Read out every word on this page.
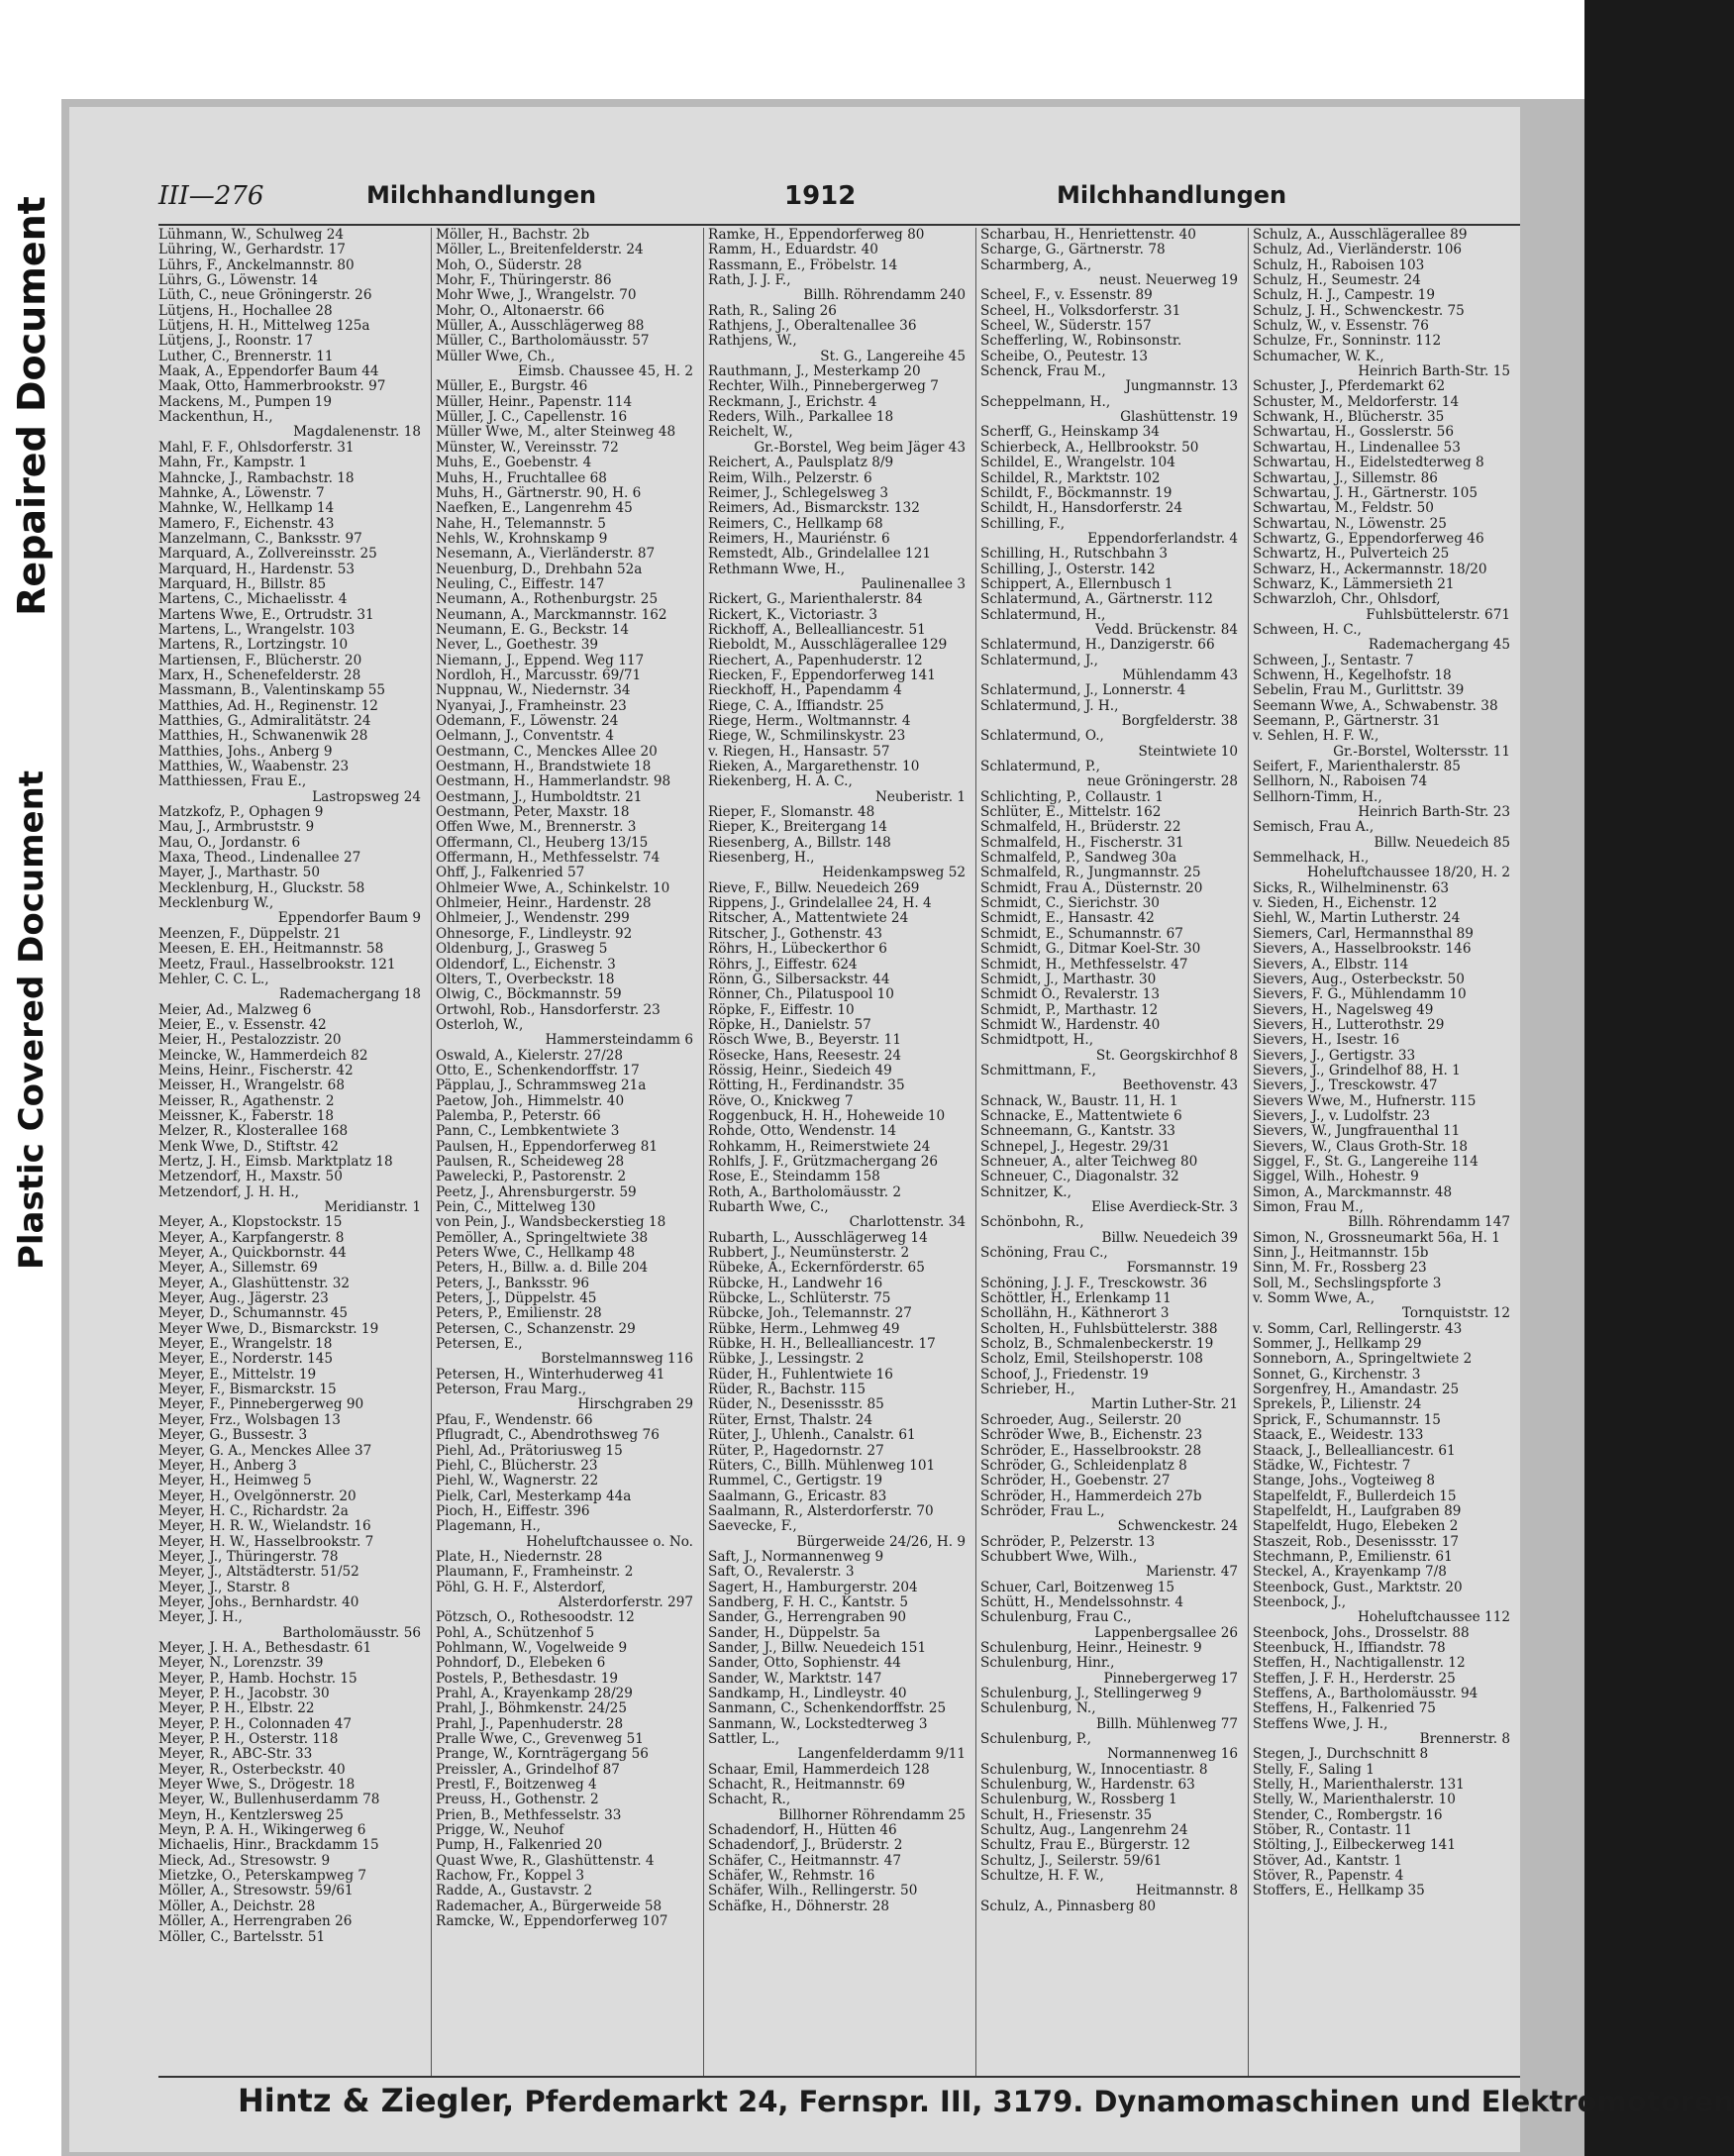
Repaired Document
Plastic Covered Document
III—276	Milchhandlungen	1912	Milchhandlungen
Lühmann, W., Schulweg 24
Lühring, W., Gerhardstr. 17
Lührs, F., Anckelmannstr. 80
Lührs, G., Löwenstr. 14
Lüth, C., neue Gröningerstr. 26
Lütjens, H., Hochallee 28
Lütjens, H. H., Mittelweg 125a
Lütjens, J., Roonstr. 17
Luther, C., Brennerstr. 11
Maak, A., Eppendorfer Baum 44
Maak, Otto, Hammerbrookstr. 97
Mackens, M., Pumpen 19
Mackenthun, H.,
Magdalenenstr. 18
Mahl, F. F., Ohlsdorferstr. 31
Mahn, Fr., Kampstr. 1
Mahncke, J., Rambachstr. 18
Mahnke, A., Löwenstr. 7
Mahnke, W., Hellkamp 14
Mamero, F., Eichenstr. 43
Manzelmann, C., Banksstr. 97
Marquard, A., Zollvereinsstr. 25
Marquard, H., Hardenstr. 53
Marquard, H., Billstr. 85
Martens, C., Michaelisstr. 4
Martens Wwe, E., Ortrudstr. 31
Martens, L., Wrangelstr. 103
Martens, R., Lortzingstr. 10
Martiensen, F., Blücherstr. 20
Marx, H., Schenefelderstr. 28
Massmann, B., Valentinskamp 55
Matthies, Ad. H., Reginenstr. 12
Matthies, G., Admiralitätstr. 24
Matthies, H., Schwanenwik 28
Matthies, Johs., Anberg 9
Matthies, W., Waabenstr. 23
Matthiessen, Frau E.,
Lastropsweg 24
Matzkofz, P., Ophagen 9
Mau, J., Armbruststr. 9
Mau, O., Jordanstr. 6
Maxa, Theod., Lindenallee 27
Mayer, J., Marthastr. 50
Mecklenburg, H., Gluckstr. 58
Mecklenburg W.,
Eppendorfer Baum 9
Meenzen, F., Düppelstr. 21
Meesen, E. EH., Heitmannstr. 58
Meetz, Fraul., Hasselbrookstr. 121
Mehler, C. C. L.,
Rademachergang 18
Meier, Ad., Malzweg 6
Meier, E., v. Essenstr. 42
Meier, H., Pestalozzistr. 20
Meincke, W., Hammerdeich 82
Meins, Heinr., Fischerstr. 42
Meisser, H., Wrangelstr. 68
Meisser, R., Agathenstr. 2
Meissner, K., Faberstr. 18
Melzer, R., Klosterallee 168
Menk Wwe, D., Stiftstr. 42
Mertz, J. H., Eimsb. Marktplatz 18
Metzendorf, H., Maxstr. 50
Metzendorf, J. H. H.,
Meridianstr. 1
Meyer, A., Klopstockstr. 15
Meyer, A., Karpfangerstr. 8
Meyer, A., Quickbornstr. 44
Meyer, A., Sillemstr. 69
Meyer, A., Glashüttenstr. 32
Meyer, Aug., Jägerstr. 23
Meyer, D., Schumannstr. 45
Meyer Wwe, D., Bismarckstr. 19
Meyer, E., Wrangelstr. 18
Meyer, E., Norderstr. 145
Meyer, E., Mittelstr. 19
Meyer, F., Bismarckstr. 15
Meyer, F., Pinnebergerweg 90
Meyer, Frz., Wolsbagen 13
Meyer, G., Bussestr. 3
Meyer, G. A., Menckes Allee 37
Meyer, H., Anberg 3
Meyer, H., Heimweg 5
Meyer, H., Ovelgönnerstr. 20
Meyer, H. C., Richardstr. 2a
Meyer, H. R. W., Wielandstr. 16
Meyer, H. W., Hasselbrookstr. 7
Meyer, J., Thüringerstr. 78
Meyer, J., Altstädterstr. 51/52
Meyer, J., Starstr. 8
Meyer, Johs., Bernhardstr. 40
Meyer, J. H.,
Bartholomäusstr. 56
Meyer, J. H. A., Bethesdastr. 61
Meyer, N., Lorenzstr. 39
Meyer, P., Hamb. Hochstr. 15
Meyer, P. H., Jacobstr. 30
Meyer, P. H., Elbstr. 22
Meyer, P. H., Colonnaden 47
Meyer, P. H., Osterstr. 118
Meyer, R., ABC-Str. 33
Meyer, R., Osterbeckstr. 40
Meyer Wwe, S., Drögestr. 18
Meyer, W., Bullenhuserdamm 78
Meyn, H., Kentzlersweg 25
Meyn, P. A. H., Wikingerweg 6
Michaelis, Hinr., Brackdamm 15
Mieck, Ad., Stresowstr. 9
Mietzke, O., Peterskampweg 7
Möller, A., Stresowstr. 59/61
Möller, A., Deichstr. 28
Möller, A., Herrengraben 26
Möller, C., Bartelsstr. 51
Möller, H., Bachstr. 2b
Möller, L., Breitenfelderstr. 24
Moh, O., Süderstr. 28
Mohr, F., Thüringerstr. 86
Mohr Wwe, J., Wrangelstr. 70
Mohr, O., Altonaerstr. 66
Müller, A., Ausschlägerweg 88
Müller, C., Bartholomäusstr. 57
Müller Wwe, Ch.,
Eimsb. Chaussee 45, H. 2
Müller, E., Burgstr. 46
Müller, Heinr., Papenstr. 114
Müller, J. C., Capellenstr. 16
Müller Wwe, M., alter Steinweg 48
Münster, W., Vereinsstr. 72
Muhs, E., Goebenstr. 4
Muhs, H., Fruchtallee 68
Muhs, H., Gärtnerstr. 90, H. 6
Naefken, E., Langenrehm 45
Nahe, H., Telemannstr. 5
Nehls, W., Krohnskamp 9
Nesemann, A., Vierländerstr. 87
Neuenburg, D., Drehbahn 52a
Neuling, C., Eiffestr. 147
Neumann, A., Rothenburgstr. 25
Neumann, A., Marckmannstr. 162
Neumann, E. G., Beckstr. 14
Never, L., Goethestr. 39
Niemann, J., Eppend. Weg 117
Nordloh, H., Marcusstr. 69/71
Nuppnau, W., Niedernstr. 34
Nyanyai, J., Framheinstr. 23
Odemann, F., Löwenstr. 24
Oelmann, J., Conventstr. 4
Oestmann, C., Menckes Allee 20
Oestmann, H., Brandstwiete 18
Oestmann, H., Hammerlandstr. 98
Oestmann, J., Humboldtstr. 21
Oestmann, Peter, Maxstr. 18
Offen Wwe, M., Brennerstr. 3
Offermann, Cl., Heuberg 13/15
Offermann, H., Methfesselstr. 74
Ohff, J., Falkenried 57
Ohlmeier Wwe, A., Schinkelstr. 10
Ohlmeier, Heinr., Hardenstr. 28
Ohlmeier, J., Wendenstr. 299
Ohnesorge, F., Lindleystr. 92
Oldenburg, J., Grasweg 5
Oldendorf, L., Eichenstr. 3
Olters, T., Overbeckstr. 18
Olwig, C., Böckmannstr. 59
Ortwohl, Rob., Hansdorferstr. 23
Osterloh, W.,
Hammersteindamm 6
Oswald, A., Kielerstr. 27/28
Otto, E., Schenkendorffstr. 17
Päpplau, J., Schrammsweg 21a
Paetow, Joh., Himmelstr. 40
Palemba, P., Peterstr. 66
Pann, C., Lembkentwiete 3
Paulsen, H., Eppendorferweg 81
Paulsen, R., Scheideweg 28
Pawelecki, P., Pastorenstr. 2
Peetz, J., Ahrensburgerstr. 59
Pein, C., Mittelweg 130
von Pein, J., Wandsbeckerstieg 18
Pemöller, A., Springeltwiete 38
Peters Wwe, C., Hellkamp 48
Peters, H., Billw. a. d. Bille 204
Peters, J., Banksstr. 96
Peters, J., Düppelstr. 45
Peters, P., Emilienstr. 28
Petersen, C., Schanzenstr. 29
Petersen, E.,
Borstelmannsweg 116
Petersen, H., Winterhuderweg 41
Peterson, Frau Marg.,
Hirschgraben 29
Pfau, F., Wendenstr. 66
Pflugradt, C., Abendrothsweg 76
Piehl, Ad., Prätoriusweg 15
Piehl, C., Blücherstr. 23
Piehl, W., Wagnerstr. 22
Pielk, Carl, Mesterkamp 44a
Pioch, H., Eiffestr. 396
Plagemann, H.,
Hoheluftchaussee o. No.
Plate, H., Niedernstr. 28
Plaumann, F., Framheinstr. 2
Pöhl, G. H. F., Alsterdorf,
Alsterdorferstr. 297
Pötzsch, O., Rothesoodstr. 12
Pohl, A., Schützenhof 5
Pohlmann, W., Vogelweide 9
Pohndorf, D., Elebeken 6
Postels, P., Bethesdastr. 19
Prahl, A., Krayenkamp 28/29
Prahl, J., Böhmkenstr. 24/25
Prahl, J., Papenhuderstr. 28
Pralle Wwe, C., Grevenweg 51
Prange, W., Kornträgergang 56
Preissler, A., Grindelhof 87
Prestl, F., Boitzenweg 4
Preuss, H., Gothenstr. 2
Prien, B., Methfesselstr. 33
Prigge, W., Neuhof
Pump, H., Falkenried 20
Quast Wwe, R., Glashüttenstr. 4
Rachow, Fr., Koppel 3
Radde, A., Gustavstr. 2
Rademacher, A., Bürgerweide 58
Ramcke, W., Eppendorferweg 107
Ramke, H., Eppendorferweg 80
Ramm, H., Eduardstr. 40
Rassmann, E., Fröbelstr. 14
Rath, J. J. F.,
Billh. Röhrendamm 240
Rath, R., Saling 26
Rathjens, J., Oberaltenallee 36
Rathjens, W.,
St. G., Langereihe 45
Rauthmann, J., Mesterkamp 20
Rechter, Wilh., Pinnebergerweg 7
Reckmann, J., Erichstr. 4
Reders, Wilh., Parkallee 18
Reichelt, W.,
Gr.-Borstel, Weg beim Jäger 43
Reichert, A., Paulsplatz 8/9
Reim, Wilh., Pelzerstr. 6
Reimer, J., Schlegelsweg 3
Reimers, Ad., Bismarckstr. 132
Reimers, C., Hellkamp 68
Reimers, H., Mauriénstr. 6
Remstedt, Alb., Grindelallee 121
Rethmann Wwe, H.,
Paulinenallee 3
Rickert, G., Marienthalerstr. 84
Rickert, K., Victoriastr. 3
Rickhoff, A., Bellealliancestr. 51
Rieboldt, M., Ausschlägerallee 129
Riechert, A., Papenhuderstr. 12
Riecken, F., Eppendorferweg 141
Rieckhoff, H., Papendamm 4
Riege, C. A., Iffiandstr. 25
Riege, Herm., Woltmannstr. 4
Riege, W., Schmilinskystr. 23
v. Riegen, H., Hansastr. 57
Rieken, A., Margarethenstr. 10
Riekenberg, H. A. C.,
Neuberistr. 1
Rieper, F., Slomanstr. 48
Rieper, K., Breitergang 14
Riesenberg, A., Billstr. 148
Riesenberg, H.,
Heidenkampsweg 52
Rieve, F., Billw. Neuedeich 269
Rippens, J., Grindelallee 24, H. 4
Ritscher, A., Mattentwiete 24
Ritscher, J., Gothenstr. 43
Röhrs, H., Lübeckerthor 6
Röhrs, J., Eiffestr. 624
Rönn, G., Silbersackstr. 44
Rönner, Ch., Pilatuspool 10
Röpke, F., Eiffestr. 10
Röpke, H., Danielstr. 57
Rösch Wwe, B., Beyerstr. 11
Rösecke, Hans, Reesestr. 24
Rössig, Heinr., Siedeich 49
Rötting, H., Ferdinandstr. 35
Röve, O., Knickweg 7
Roggenbuck, H. H., Hoheweide 10
Rohde, Otto, Wendenstr. 14
Rohkamm, H., Reimerstwiete 24
Rohlfs, J. F., Grützmachergang 26
Rose, E., Steindamm 158
Roth, A., Bartholomäusstr. 2
Rubarth Wwe, C.,
Charlottenstr. 34
Rubarth, L., Ausschlägerweg 14
Rubbert, J., Neumünsterstr. 2
Rübeke, A., Eckernförderstr. 65
Rübcke, H., Landwehr 16
Rübcke, L., Schlüterstr. 75
Rübcke, Joh., Telemannstr. 27
Rübke, Herm., Lehmweg 49
Rübke, H. H., Bellealliancestr. 17
Rübke, J., Lessingstr. 2
Rüder, H., Fuhlentwiete 16
Rüder, R., Bachstr. 115
Rüder, N., Desenissstr. 85
Rüter, Ernst, Thalstr. 24
Rüter, J., Uhlenh., Canalstr. 61
Rüter, P., Hagedornstr. 27
Rüters, C., Billh. Mühlenweg 101
Rummel, C., Gertigstr. 19
Saalmann, G., Ericastr. 83
Saalmann, R., Alsterdorferstr. 70
Saevecke, F.,
Bürgerweide 24/26, H. 9
Saft, J., Normannenweg 9
Saft, O., Revalerstr. 3
Sagert, H., Hamburgerstr. 204
Sandberg, F. H. C., Kantstr. 5
Sander, G., Herrengraben 90
Sander, H., Düppelstr. 5a
Sander, J., Billw. Neuedeich 151
Sander, Otto, Sophienstr. 44
Sander, W., Marktstr. 147
Sandkamp, H., Lindleystr. 40
Sanmann, C., Schenkendorffstr. 25
Sanmann, W., Lockstedterweg 3
Sattler, L.,
Langenfelderdamm 9/11
Schaar, Emil, Hammerdeich 128
Schacht, R., Heitmannstr. 69
Schacht, R.,
Billhorner Röhrendamm 25
Schadendorf, H., Hütten 46
Schadendorf, J., Brüderstr. 2
Schäfer, C., Heitmannstr. 47
Schäfer, W., Rehmstr. 16
Schäfer, Wilh., Rellingerstr. 50
Schäfke, H., Döhnerstr. 28
Scharbau, H., Henriettenstr. 40
Scharge, G., Gärtnerstr. 78
Scharmberg, A.,
neust. Neuerweg 19
Scheel, F., v. Essenstr. 89
Scheel, H., Volksdorferstr. 31
Scheel, W., Süderstr. 157
Schefferling, W., Robinsonstr.
Scheibe, O., Peutestr. 13
Schenck, Frau M.,
Jungmannstr. 13
Scheppelmann, H.,
Glashüttenstr. 19
Scherff, G., Heinskamp 34
Schierbeck, A., Hellbrookstr. 50
Schildel, E., Wrangelstr. 104
Schildel, R., Marktstr. 102
Schildt, F., Böckmannstr. 19
Schildt, H., Hansdorferstr. 24
Schilling, F.,
Eppendorferlandstr. 4
Schilling, H., Rutschbahn 3
Schilling, J., Osterstr. 142
Schippert, A., Ellernbusch 1
Schlatermund, A., Gärtnerstr. 112
Schlatermund, H.,
Vedd. Brückenstr. 84
Schlatermund, H., Danzigerstr. 66
Schlatermund, J.,
Mühlendamm 43
Schlatermund, J., Lonnerstr. 4
Schlatermund, J. H.,
Borgfelderstr. 38
Schlatermund, O.,
Steintwiete 10
Schlatermund, P.,
neue Gröningerstr. 28
Schlichting, P., Collaustr. 1
Schlüter, E., Mittelstr. 162
Schmalfeld, H., Brüderstr. 22
Schmalfeld, H., Fischerstr. 31
Schmalfeld, P., Sandweg 30a
Schmalfeld, R., Jungmannstr. 25
Schmidt, Frau A., Düsternstr. 20
Schmidt, C., Sierichstr. 30
Schmidt, E., Hansastr. 42
Schmidt, E., Schumannstr. 67
Schmidt, G., Ditmar Koel-Str. 30
Schmidt, H., Methfesselstr. 47
Schmidt, J., Marthastr. 30
Schmidt O., Revalerstr. 13
Schmidt, P., Marthastr. 12
Schmidt W., Hardenstr. 40
Schmidtpott, H.,
St. Georgskirchhof 8
Schmittmann, F.,
Beethovenstr. 43
Schnack, W., Baustr. 11, H. 1
Schnacke, E., Mattentwiete 6
Schneemann, G., Kantstr. 33
Schnepel, J., Hegestr. 29/31
Schneuer, A., alter Teichweg 80
Schneuer, C., Diagonalstr. 32
Schnitzer, K.,
Elise Averdieck-Str. 3
Schönbohn, R.,
Billw. Neuedeich 39
Schöning, Frau C.,
Forsmannstr. 19
Schöning, J. J. F., Tresckowstr. 36
Schöttler, H., Erlenkamp 11
Schollähn, H., Käthnerort 3
Scholten, H., Fuhlsbüttelerstr. 388
Scholz, B., Schmalenbeckerstr. 19
Scholz, Emil, Steilshoperstr. 108
Schoof, J., Friedenstr. 19
Schrieber, H.,
Martin Luther-Str. 21
Schroeder, Aug., Seilerstr. 20
Schröder Wwe, B., Eichenstr. 23
Schröder, E., Hasselbrookstr. 28
Schröder, G., Schleidenplatz 8
Schröder, H., Goebenstr. 27
Schröder, H., Hammerdeich 27b
Schröder, Frau L.,
Schwenckestr. 24
Schröder, P., Pelzerstr. 13
Schubbert Wwe, Wilh.,
Marienstr. 47
Schuer, Carl, Boitzenweg 15
Schütt, H., Mendelssohnstr. 4
Schulenburg, Frau C.,
Lappenbergsallee 26
Schulenburg, Heinr., Heinestr. 9
Schulenburg, Hinr.,
Pinnebergerweg 17
Schulenburg, J., Stellingerweg 9
Schulenburg, N.,
Billh. Mühlenweg 77
Schulenburg, P.,
Normannenweg 16
Schulenburg, W., Innocentiastr. 8
Schulenburg, W., Hardenstr. 63
Schulenburg, W., Rossberg 1
Schult, H., Friesenstr. 35
Schultz, Aug., Langenrehm 24
Schultz, Frau E., Bürgerstr. 12
Schultz, J., Seilerstr. 59/61
Schultze, H. F. W.,
Heitmannstr. 8
Schulz, A., Pinnasberg 80
Schulz, A., Ausschlägerallee 89
Schulz, Ad., Vierländerstr. 106
Schulz, H., Raboisen 103
Schulz, H., Seumestr. 24
Schulz, H. J., Campestr. 19
Schulz, J. H., Schwenckestr. 75
Schulz, W., v. Essenstr. 76
Schulze, Fr., Sonninstr. 112
Schumacher, W. K.,
Heinrich Barth-Str. 15
Schuster, J., Pferdemarkt 62
Schuster, M., Meldorferstr. 14
Schwank, H., Blücherstr. 35
Schwartau, H., Gosslerstr. 56
Schwartau, H., Lindenallee 53
Schwartau, H., Eidelstedterweg 8
Schwartau, J., Sillemstr. 86
Schwartau, J. H., Gärtnerstr. 105
Schwartau, M., Feldstr. 50
Schwartau, N., Löwenstr. 25
Schwartz, G., Eppendorferweg 46
Schwartz, H., Pulverteich 25
Schwarz, H., Ackermannstr. 18/20
Schwarz, K., Lämmersieth 21
Schwarzloh, Chr., Ohlsdorf,
Fuhlsbüttelerstr. 671
Schween, H. C.,
Rademachergang 45
Schween, J., Sentastr. 7
Schwenn, H., Kegelhofstr. 18
Sebelin, Frau M., Gurlittstr. 39
Seemann Wwe, A., Schwabenstr. 38
Seemann, P., Gärtnerstr. 31
v. Sehlen, H. F. W.,
Gr.-Borstel, Woltersstr. 11
Seifert, F., Marienthalerstr. 85
Sellhorn, N., Raboisen 74
Sellhorn-Timm, H.,
Heinrich Barth-Str. 23
Semisch, Frau A.,
Billw. Neuedeich 85
Semmelhack, H.,
Hoheluftchaussee 18/20, H. 2
Sicks, R., Wilhelminenstr. 63
v. Sieden, H., Eichenstr. 12
Siehl, W., Martin Lutherstr. 24
Siemers, Carl, Hermannsthal 89
Sievers, A., Hasselbrookstr. 146
Sievers, A., Elbstr. 114
Sievers, Aug., Osterbeckstr. 50
Sievers, F. G., Mühlendamm 10
Sievers, H., Nagelsweg 49
Sievers, H., Lutterothstr. 29
Sievers, H., Isestr. 16
Sievers, J., Gertigstr. 33
Sievers, J., Grindelhof 88, H. 1
Sievers, J., Tresckowstr. 47
Sievers Wwe, M., Hufnerstr. 115
Sievers, J., v. Ludolfstr. 23
Sievers, W., Jungfrauenthal 11
Sievers, W., Claus Groth-Str. 18
Siggel, F., St. G., Langereihe 114
Siggel, Wilh., Hohestr. 9
Simon, A., Marckmannstr. 48
Simon, Frau M.,
Billh. Röhrendamm 147
Simon, N., Grossneumarkt 56a, H. 1
Sinn, J., Heitmannstr. 15b
Sinn, M. Fr., Rossberg 23
Soll, M., Sechslingspforte 3
v. Somm Wwe, A.,
Tornquiststr. 12
v. Somm, Carl, Rellingerstr. 43
Sommer, J., Hellkamp 29
Sonneborn, A., Springeltwiete 2
Sonnet, G., Kirchenstr. 3
Sorgenfrey, H., Amandastr. 25
Sprekels, P., Lilienstr. 24
Sprick, F., Schumannstr. 15
Staack, E., Weidestr. 133
Staack, J., Bellealliancestr. 61
Städke, W., Fichtestr. 7
Stange, Johs., Vogteiweg 8
Stapelfeldt, F., Bullerdeich 15
Stapelfeldt, H., Laufgraben 89
Stapelfeldt, Hugo, Elebeken 2
Staszeit, Rob., Desenissstr. 17
Stechmann, P., Emilienstr. 61
Steckel, A., Krayenkamp 7/8
Steenbock, Gust., Marktstr. 20
Steenbock, J.,
Hoheluftchaussee 112
Steenbock, Johs., Drosselstr. 88
Steenbuck, H., Iffiandstr. 78
Steffen, H., Nachtigallenstr. 12
Steffen, J. F. H., Herderstr. 25
Steffens, A., Bartholomäusstr. 94
Steffens, H., Falkenried 75
Steffens Wwe, J. H.,
Brennerstr. 8
Stegen, J., Durchschnitt 8
Stelly, F., Saling 1
Stelly, H., Marienthalerstr. 131
Stelly, W., Marienthalerstr. 10
Stender, C., Rombergstr. 16
Stöber, R., Contastr. 11
Stölting, J., Eilbeckerweg 141
Stöver, Ad., Kantstr. 1
Stöver, R., Papenstr. 4
Stoffers, E., Hellkamp 35
Hintz & Ziegler, Pferdemarkt 24, Fernspr. III, 3179. Dynamomaschinen und Elektromotoren
